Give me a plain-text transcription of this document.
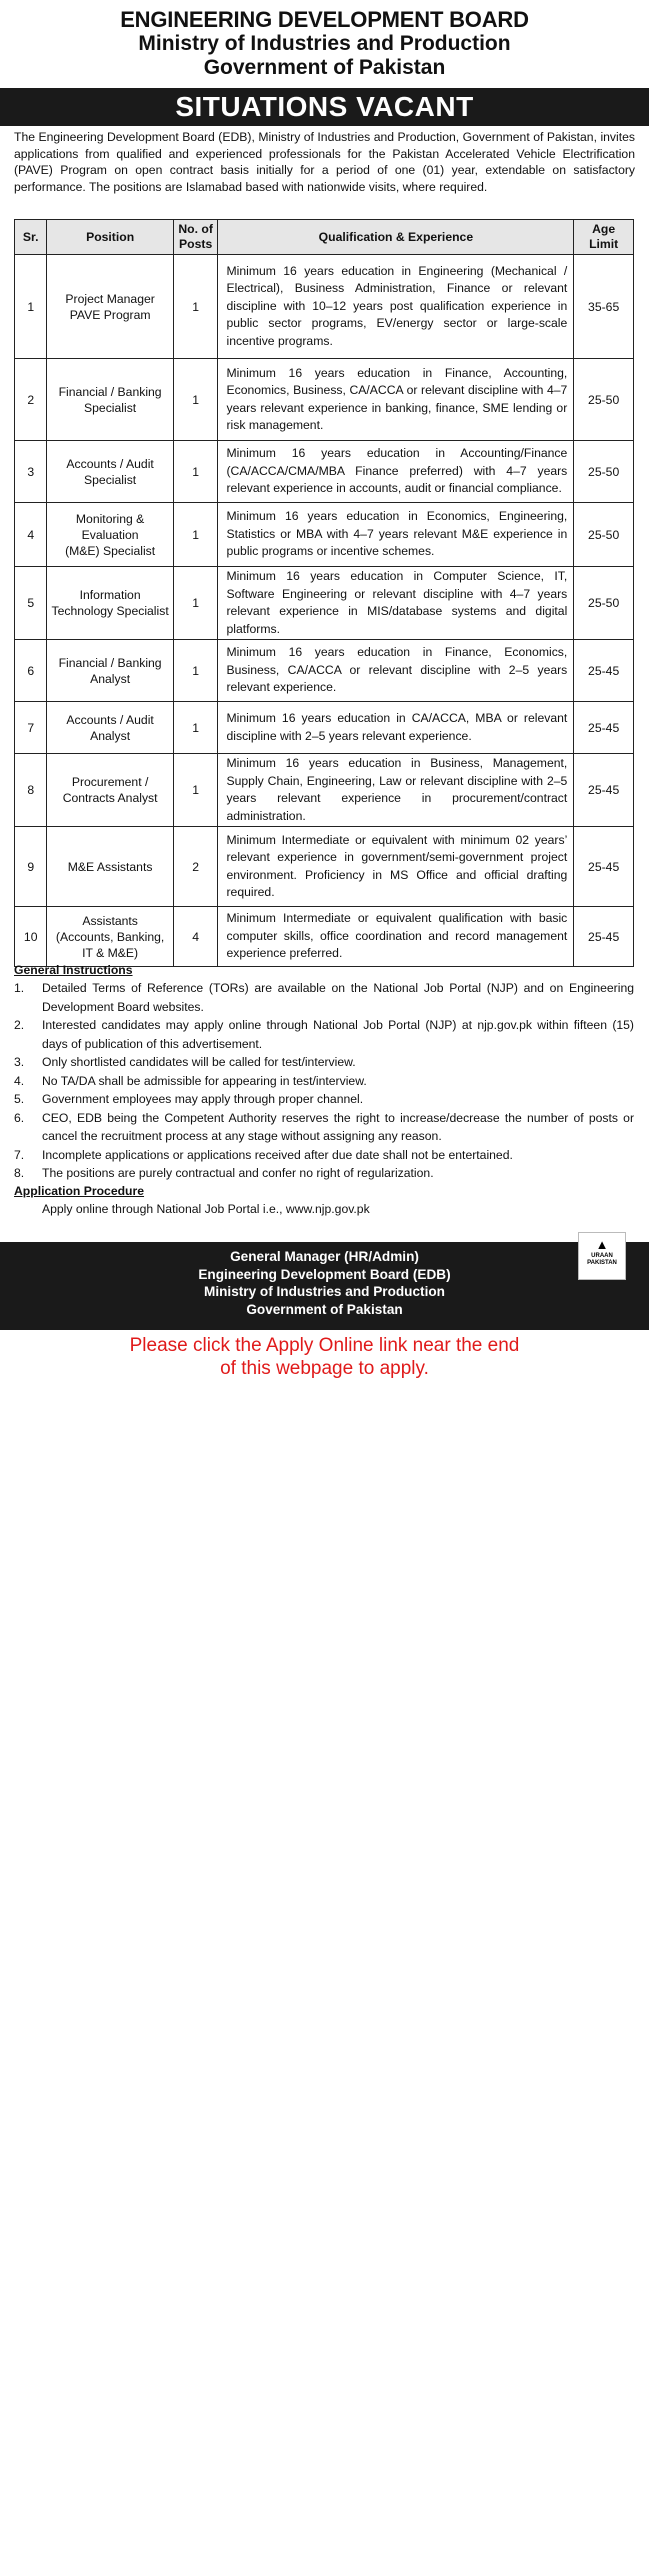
ENGINEERING DEVELOPMENT BOARD
Ministry of Industries and Production
Government of Pakistan
SITUATIONS VACANT
The Engineering Development Board (EDB), Ministry of Industries and Production, Government of Pakistan, invites applications from qualified and experienced professionals for the Pakistan Accelerated Vehicle Electrification (PAVE) Program on open contract basis initially for a period of one (01) year, extendable on satisfactory performance. The positions are Islamabad based with nationwide visits, where required.
Sr.	Position	No. of
Posts	Qualification & Experience	Age
Limit
1	Project Manager
PAVE Program	1	Minimum 16 years education in Engineering (Mechanical / Electrical), Business Administration, Finance or relevant discipline with 10–12 years post qualification experience in public sector programs, EV/energy sector or large-scale incentive programs.	35-65
2	Financial / Banking
Specialist	1	Minimum 16 years education in Finance, Accounting, Economics, Business, CA/ACCA or relevant discipline with 4–7 years relevant experience in banking, finance, SME lending or risk management.	25-50
3	Accounts / Audit
Specialist	1	Minimum 16 years education in Accounting/Finance (CA/ACCA/CMA/MBA Finance preferred) with 4–7 years relevant experience in accounts, audit or financial compliance.	25-50
4	Monitoring &
Evaluation
(M&E) Specialist	1	Minimum 16 years education in Economics, Engineering, Statistics or MBA with 4–7 years relevant M&E experience in public programs or incentive schemes.	25-50
5	Information
Technology Specialist	1	Minimum 16 years education in Computer Science, IT, Software Engineering or relevant discipline with 4–7 years relevant experience in MIS/database systems and digital platforms.	25-50
6	Financial / Banking
Analyst	1	Minimum 16 years education in Finance, Economics, Business, CA/ACCA or relevant discipline with 2–5 years relevant experience.	25-45
7	Accounts / Audit
Analyst	1	Minimum 16 years education in CA/ACCA, MBA or relevant discipline with 2–5 years relevant experience.	25-45
8	Procurement /
Contracts Analyst	1	Minimum 16 years education in Business, Management, Supply Chain, Engineering, Law or relevant discipline with 2–5 years relevant experience in procurement/contract administration.	25-45
9	M&E Assistants	2	Minimum Intermediate or equivalent with minimum 02 years’ relevant experience in government/semi-government project environment. Proficiency in MS Office and official drafting required.	25-45
10	Assistants
(Accounts, Banking,
IT & M&E)	4	Minimum Intermediate or equivalent qualification with basic computer skills, office coordination and record management experience preferred.	25-45
General Instructions
1. Detailed Terms of Reference (TORs) are available on the National Job Portal (NJP) and on Engineering Development Board websites.
2. Interested candidates may apply online through National Job Portal (NJP) at njp.gov.pk within fifteen (15) days of publication of this advertisement.
3. Only shortlisted candidates will be called for test/interview.
4. No TA/DA shall be admissible for appearing in test/interview.
5. Government employees may apply through proper channel.
6. CEO, EDB being the Competent Authority reserves the right to increase/decrease the number of posts or cancel the recruitment process at any stage without assigning any reason.
7. Incomplete applications or applications received after due date shall not be entertained.
8. The positions are purely contractual and confer no right of regularization.
Application Procedure
Apply online through National Job Portal i.e., www.njp.gov.pk
General Manager (HR/Admin)
Engineering Development Board (EDB)
Ministry of Industries and Production
Government of Pakistan
PID(I)9608/25
▲
URAAN
PAKISTAN
Please click the Apply Online link near the end
of this webpage to apply.
